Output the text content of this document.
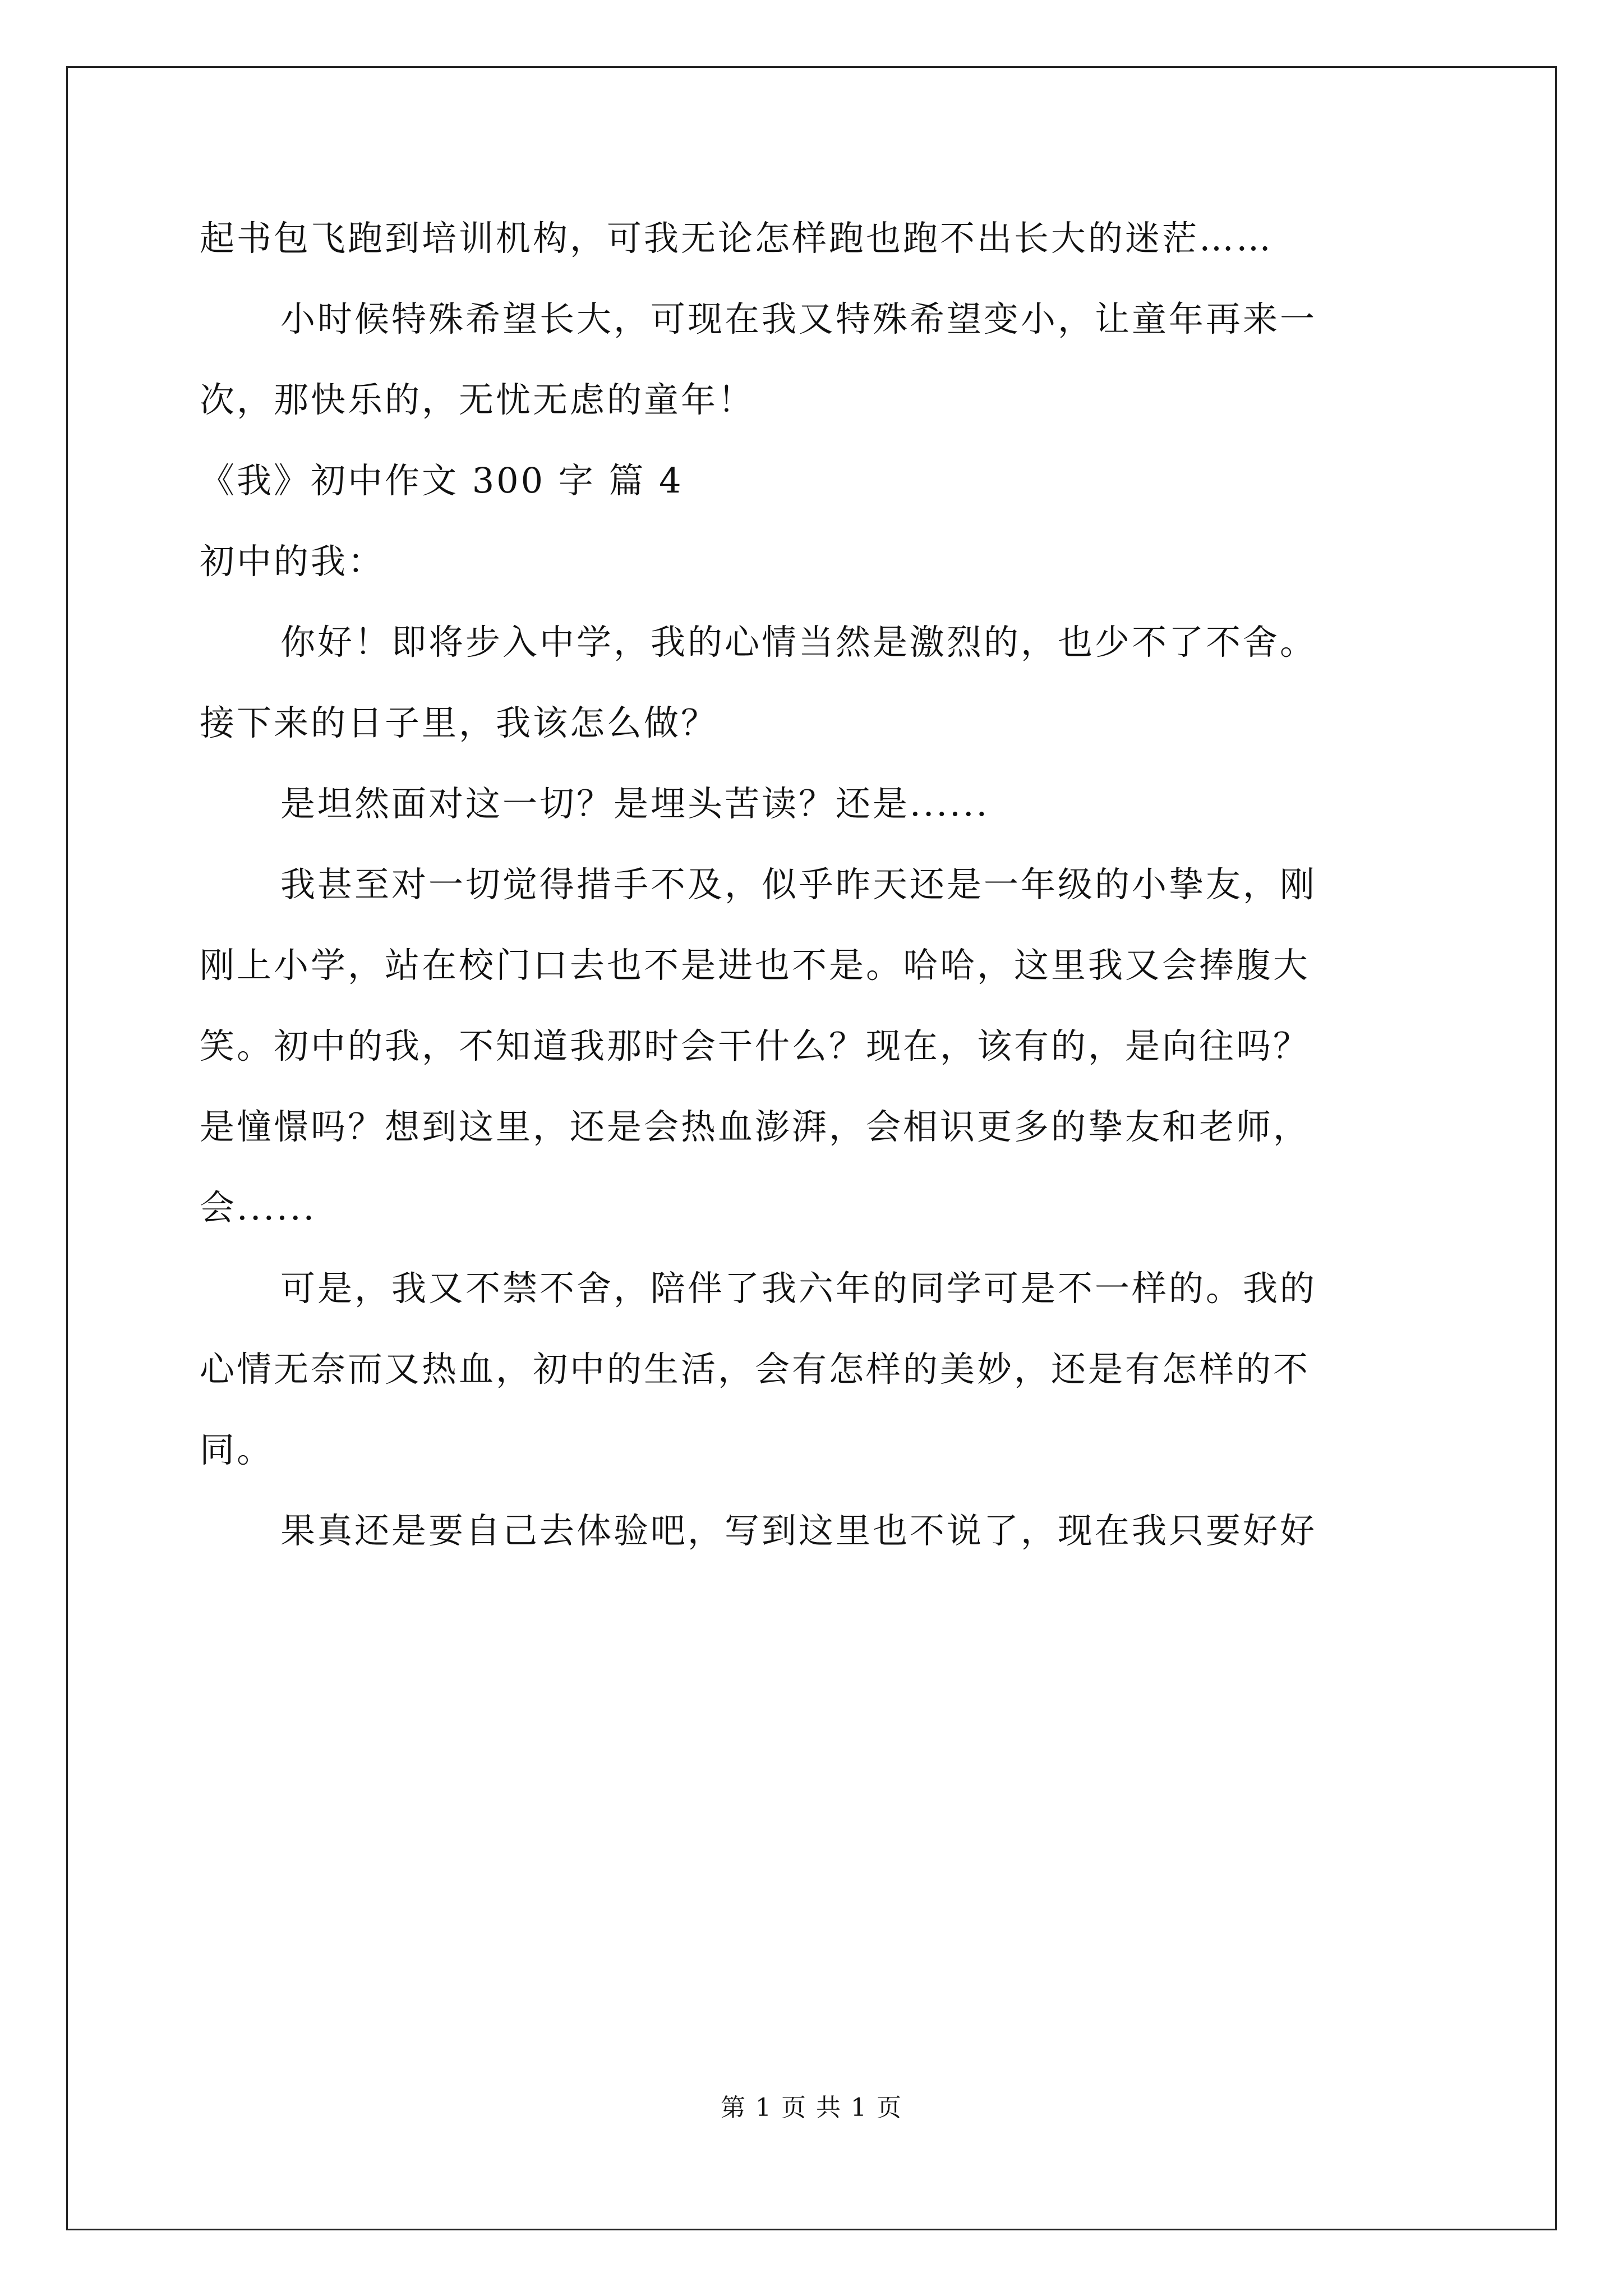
起书包飞跑到培训机构，可我无论怎样跑也跑不出长大的迷茫……
小时候特殊希望长大，可现在我又特殊希望变小，让童年再来一
次，那快乐的，无忧无虑的童年！
《我》初中作文 300 字 篇 4
初中的我：
你好！即将步入中学，我的心情当然是激烈的，也少不了不舍。
接下来的日子里，我该怎么做？
是坦然面对这一切？是埋头苦读？还是......
我甚至对一切觉得措手不及，似乎昨天还是一年级的小挚友，刚
刚上小学，站在校门口去也不是进也不是。哈哈，这里我又会捧腹大
笑。初中的我，不知道我那时会干什么？现在，该有的，是向往吗？
是憧憬吗？想到这里，还是会热血澎湃，会相识更多的挚友和老师，
会......
可是，我又不禁不舍，陪伴了我六年的同学可是不一样的。我的
心情无奈而又热血，初中的生活，会有怎样的美妙，还是有怎样的不
同。
果真还是要自己去体验吧，写到这里也不说了，现在我只要好好
第 1 页 共 1 页
